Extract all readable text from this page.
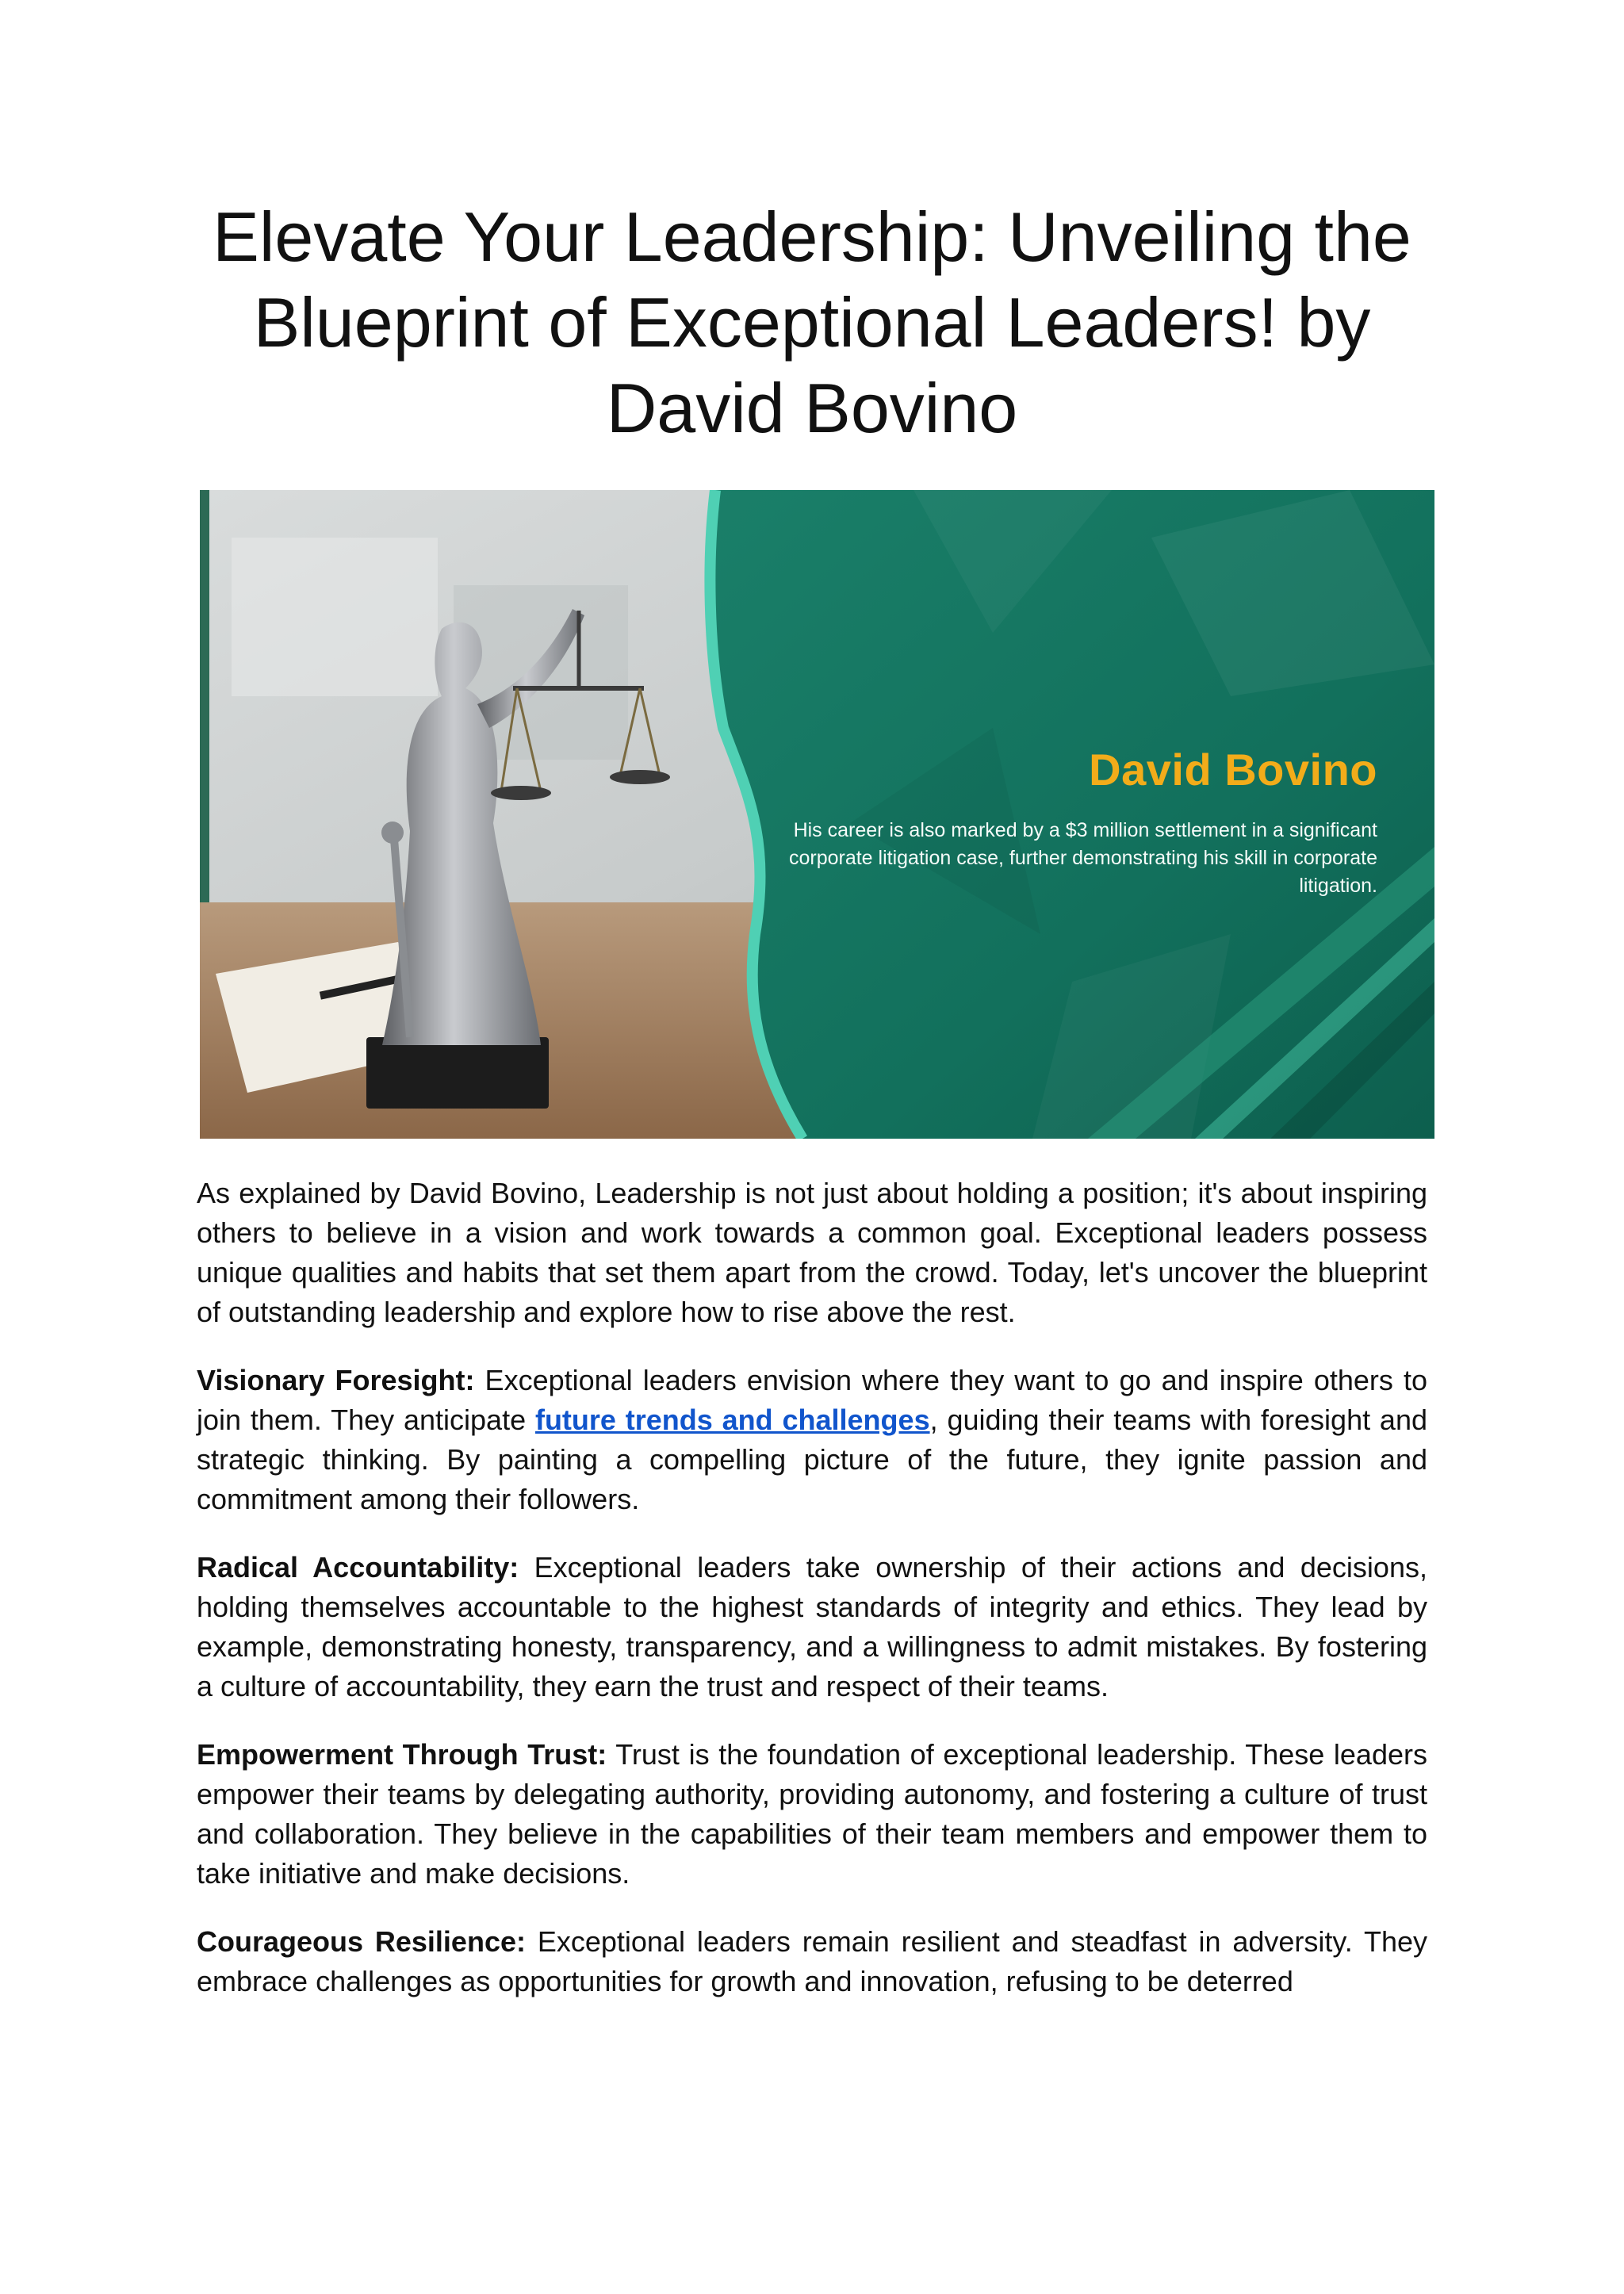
Elevate Your Leadership: Unveiling the Blueprint of Exceptional Leaders! by David Bovino
David Bovino
His career is also marked by a $3 million settlement in a significant corporate litigation case, further demonstrating his skill in corporate litigation.

As explained by David Bovino, Leadership is not just about holding a position; it's about inspiring others to believe in a vision and work towards a common goal. Exceptional leaders possess unique qualities and habits that set them apart from the crowd. Today, let's uncover the blueprint of outstanding leadership and explore how to rise above the rest.

Visionary Foresight: Exceptional leaders envision where they want to go and inspire others to join them. They anticipate future trends and challenges, guiding their teams with foresight and strategic thinking. By painting a compelling picture of the future, they ignite passion and commitment among their followers.

Radical Accountability: Exceptional leaders take ownership of their actions and decisions, holding themselves accountable to the highest standards of integrity and ethics. They lead by example, demonstrating honesty, transparency, and a willingness to admit mistakes. By fostering a culture of accountability, they earn the trust and respect of their teams.

Empowerment Through Trust: Trust is the foundation of exceptional leadership. These leaders empower their teams by delegating authority, providing autonomy, and fostering a culture of trust and collaboration. They believe in the capabilities of their team members and empower them to take initiative and make decisions.

Courageous Resilience: Exceptional leaders remain resilient and steadfast in adversity. They embrace challenges as opportunities for growth and innovation, refusing to be deterred
